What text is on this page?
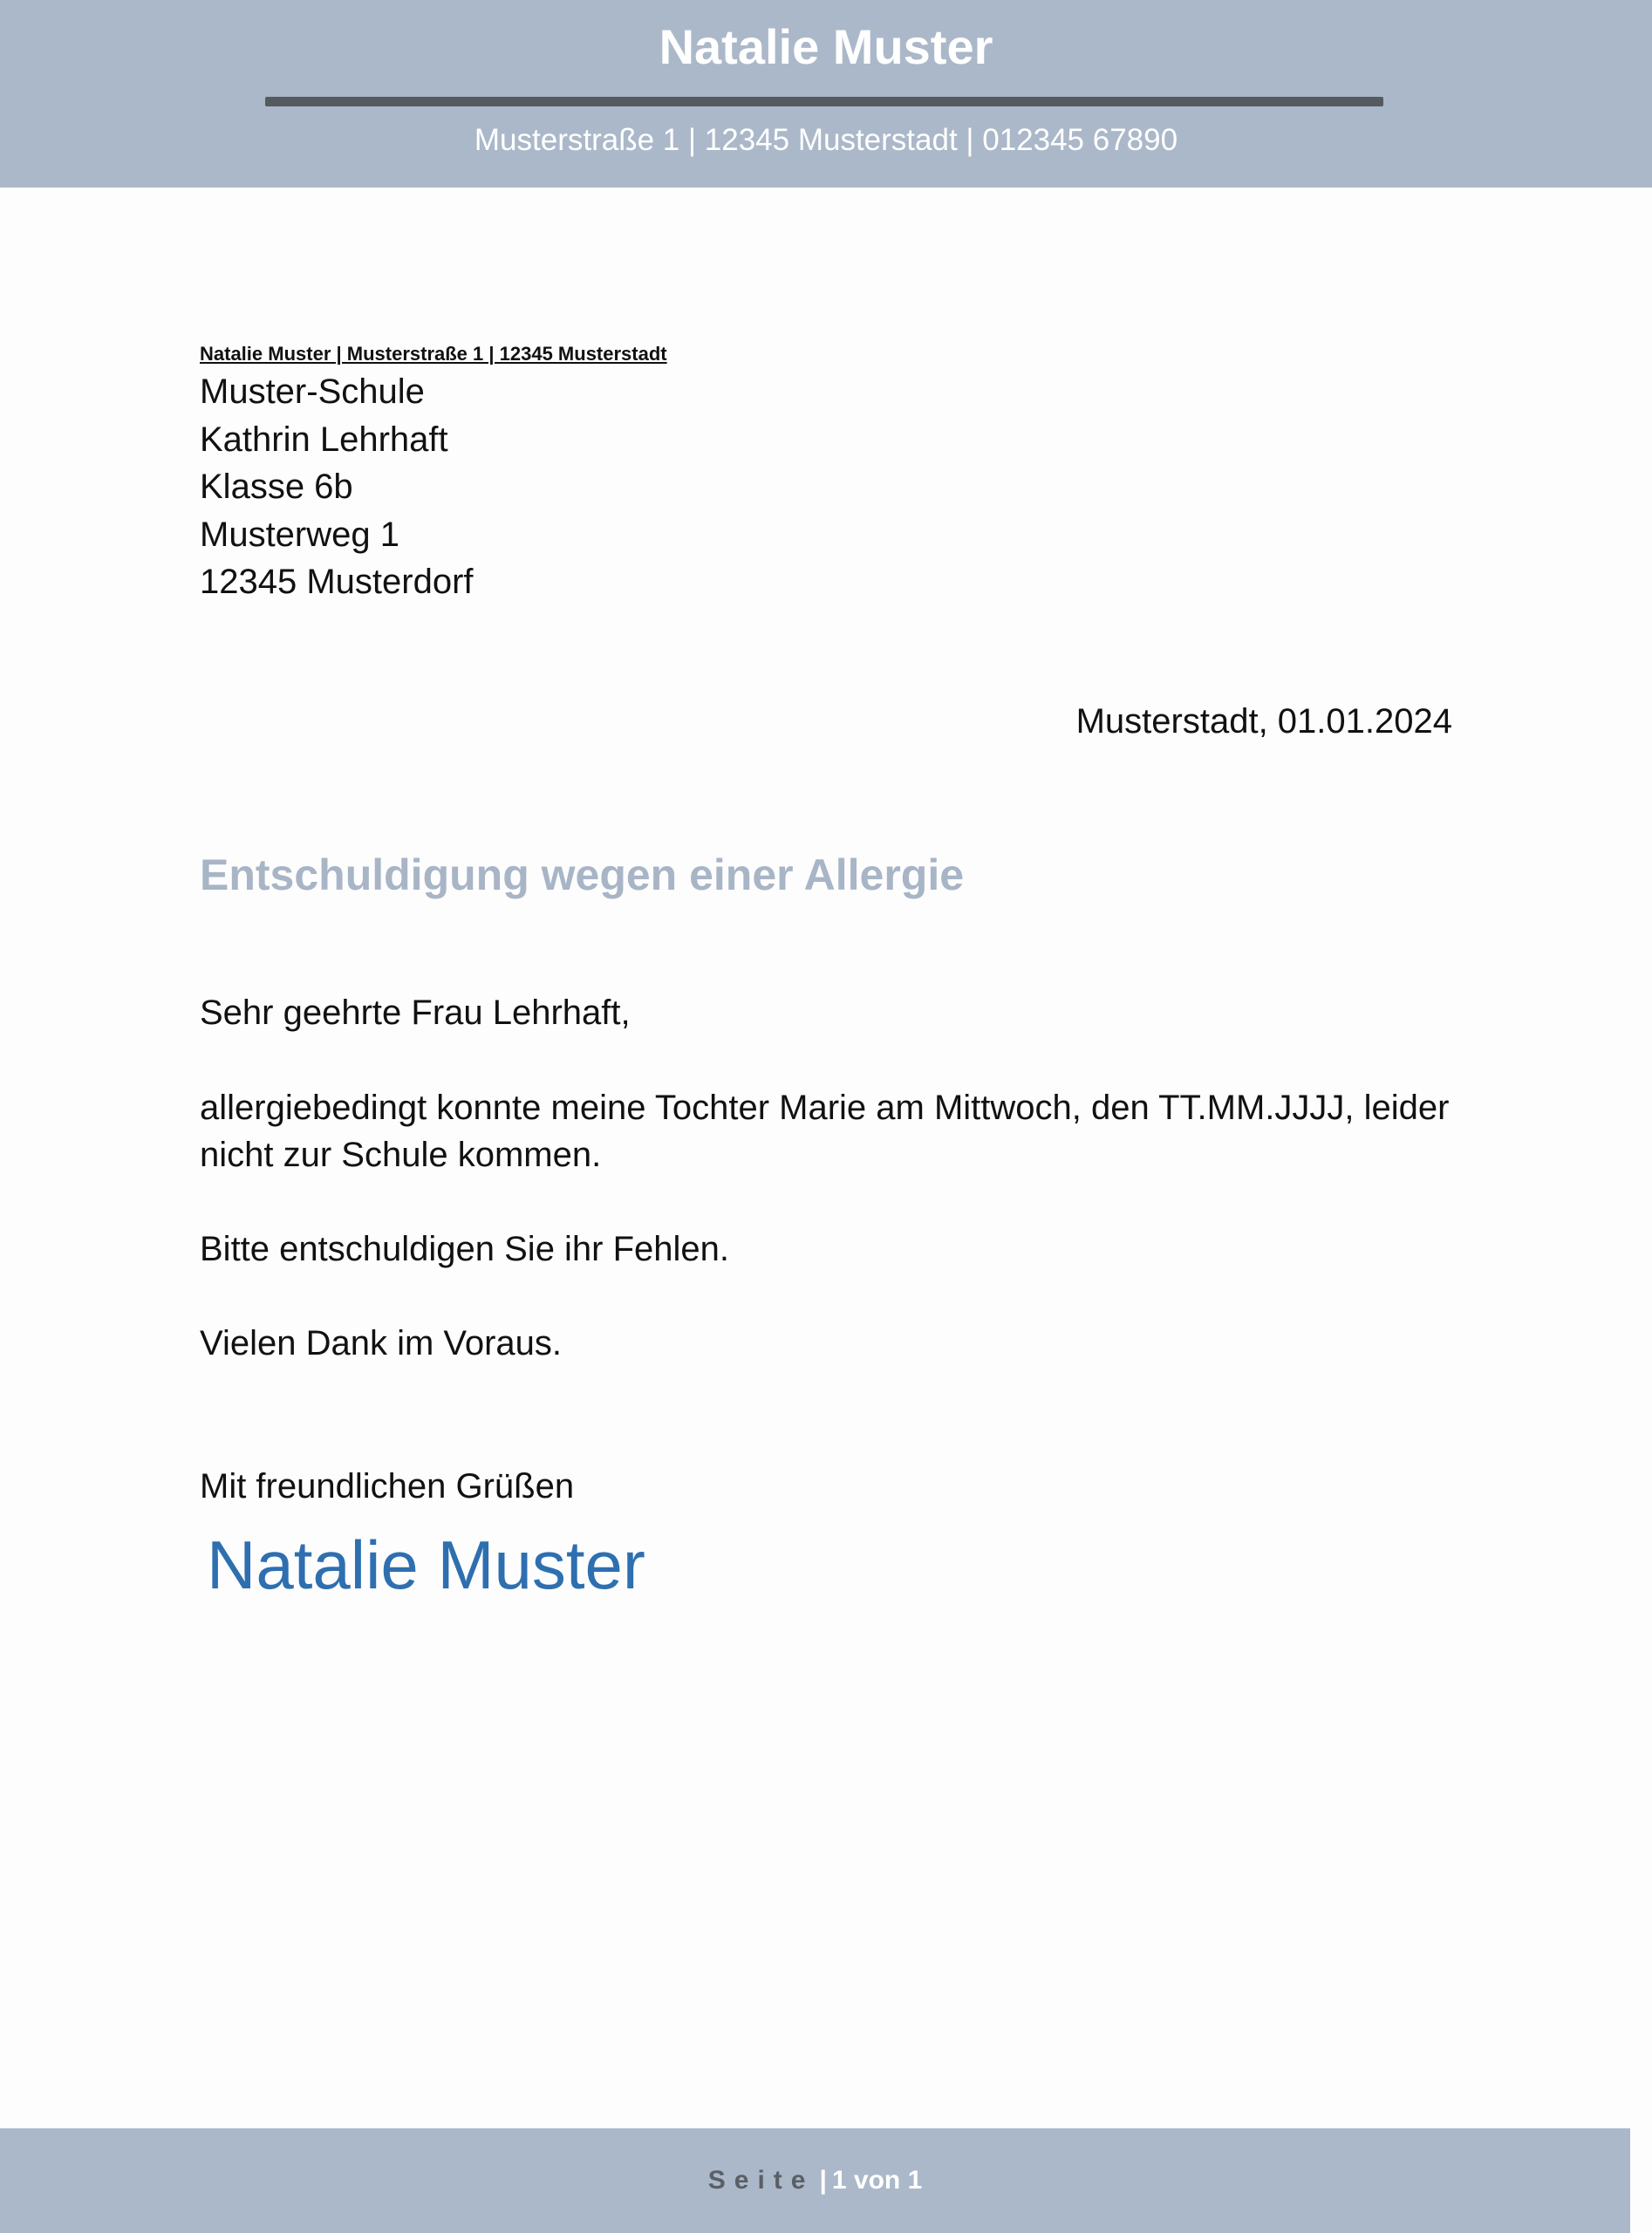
Natalie Muster
Musterstraße 1 | 12345 Musterstadt | 012345 67890
Natalie Muster | Musterstraße 1 | 12345 Musterstadt
Muster-Schule
Kathrin Lehrhaft
Klasse 6b
Musterweg 1
12345 Musterdorf
Musterstadt, 01.01.2024
Entschuldigung wegen einer Allergie
Sehr geehrte Frau Lehrhaft,
allergiebedingt konnte meine Tochter Marie am Mittwoch, den TT.MM.JJJJ, leider nicht zur Schule kommen.
Bitte entschuldigen Sie ihr Fehlen.
Vielen Dank im Voraus.
Mit freundlichen Grüßen
Natalie Muster
Seite | 1 von 1
